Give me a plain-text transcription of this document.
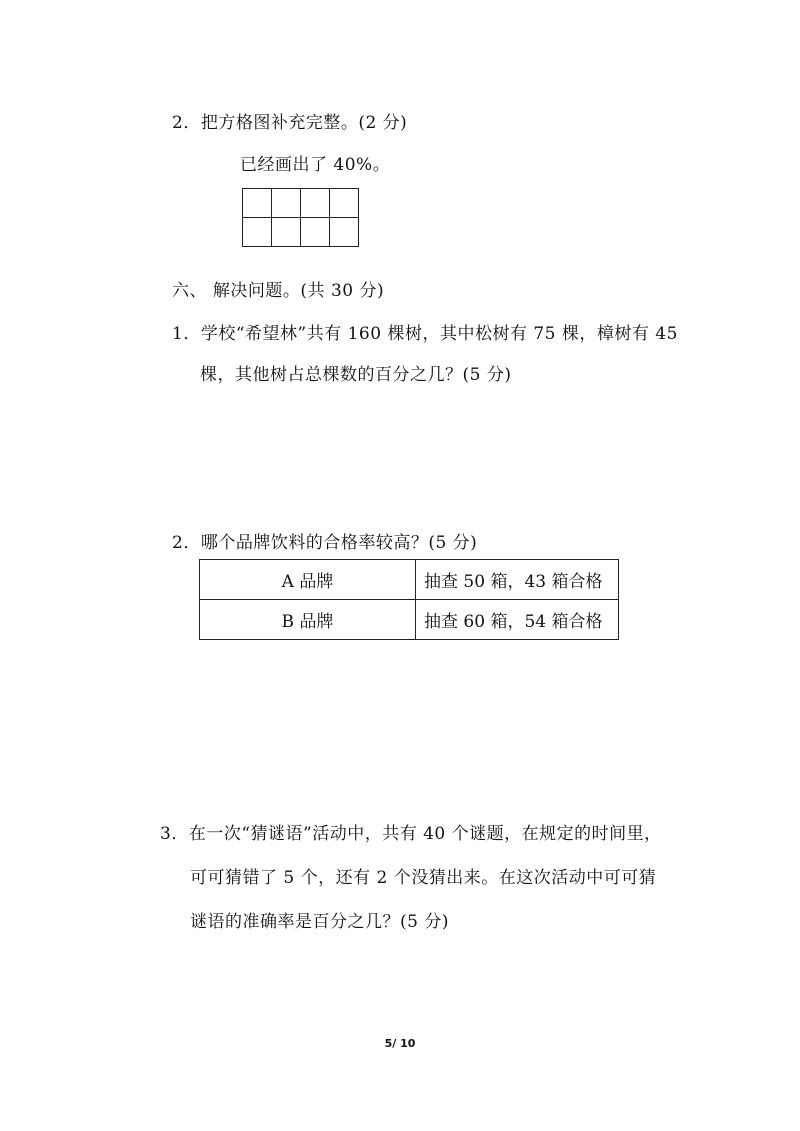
2．把方格图补充完整。(2 分)
已经画出了 40%。
六、 解决问题。(共 30 分)
1．学校“希望林”共有 160 棵树，其中松树有 75 棵，樟树有 45
棵，其他树占总棵数的百分之几？(5 分)
2．哪个品牌饮料的合格率较高？(5 分)
A 品牌	抽查 50 箱，43 箱合格
B 品牌	抽查 60 箱，54 箱合格
3．在一次“猜谜语”活动中，共有 40 个谜题，在规定的时间里，
可可猜错了 5 个，还有 2 个没猜出来。在这次活动中可可猜
谜语的准确率是百分之几？(5 分)
5/ 10
